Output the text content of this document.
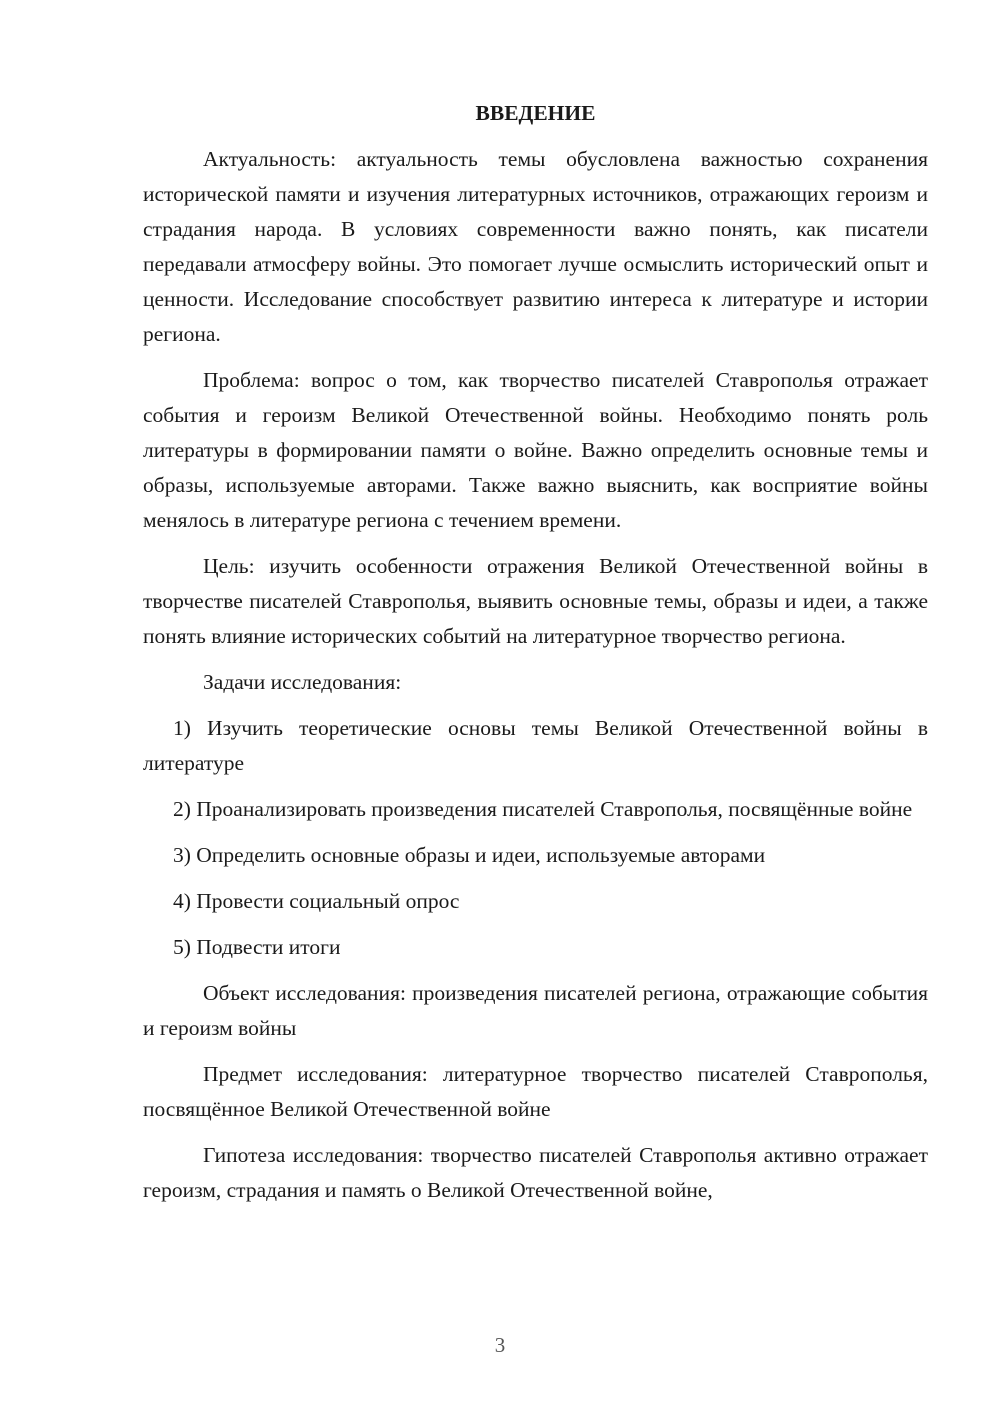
ВВЕДЕНИЕ

Актуальность: актуальность темы обусловлена важностью сохранения исторической памяти и изучения литературных источников, отражающих героизм и страдания народа. В условиях современности важно понять, как писатели передавали атмосферу войны. Это помогает лучше осмыслить исторический опыт и ценности. Исследование способствует развитию интереса к литературе и истории региона.

Проблема: вопрос о том, как творчество писателей Ставрополья отражает события и героизм Великой Отечественной войны. Необходимо понять роль литературы в формировании памяти о войне. Важно определить основные темы и образы, используемые авторами. Также важно выяснить, как восприятие войны менялось в литературе региона с течением времени.

Цель: изучить особенности отражения Великой Отечественной войны в творчестве писателей Ставрополья, выявить основные темы, образы и идеи, а также понять влияние исторических событий на литературное творчество региона.

Задачи исследования:

1) Изучить теоретические основы темы Великой Отечественной войны в литературе

2) Проанализировать произведения писателей Ставрополья, посвящённые войне

3) Определить основные образы и идеи, используемые авторами

4) Провести социальный опрос

5) Подвести итоги

Объект исследования: произведения писателей региона, отражающие события и героизм войны

Предмет исследования: литературное творчество писателей Ставрополья, посвящённое Великой Отечественной войне

Гипотеза исследования: творчество писателей Ставрополья активно отражает героизм, страдания и память о Великой Отечественной войне,

3
